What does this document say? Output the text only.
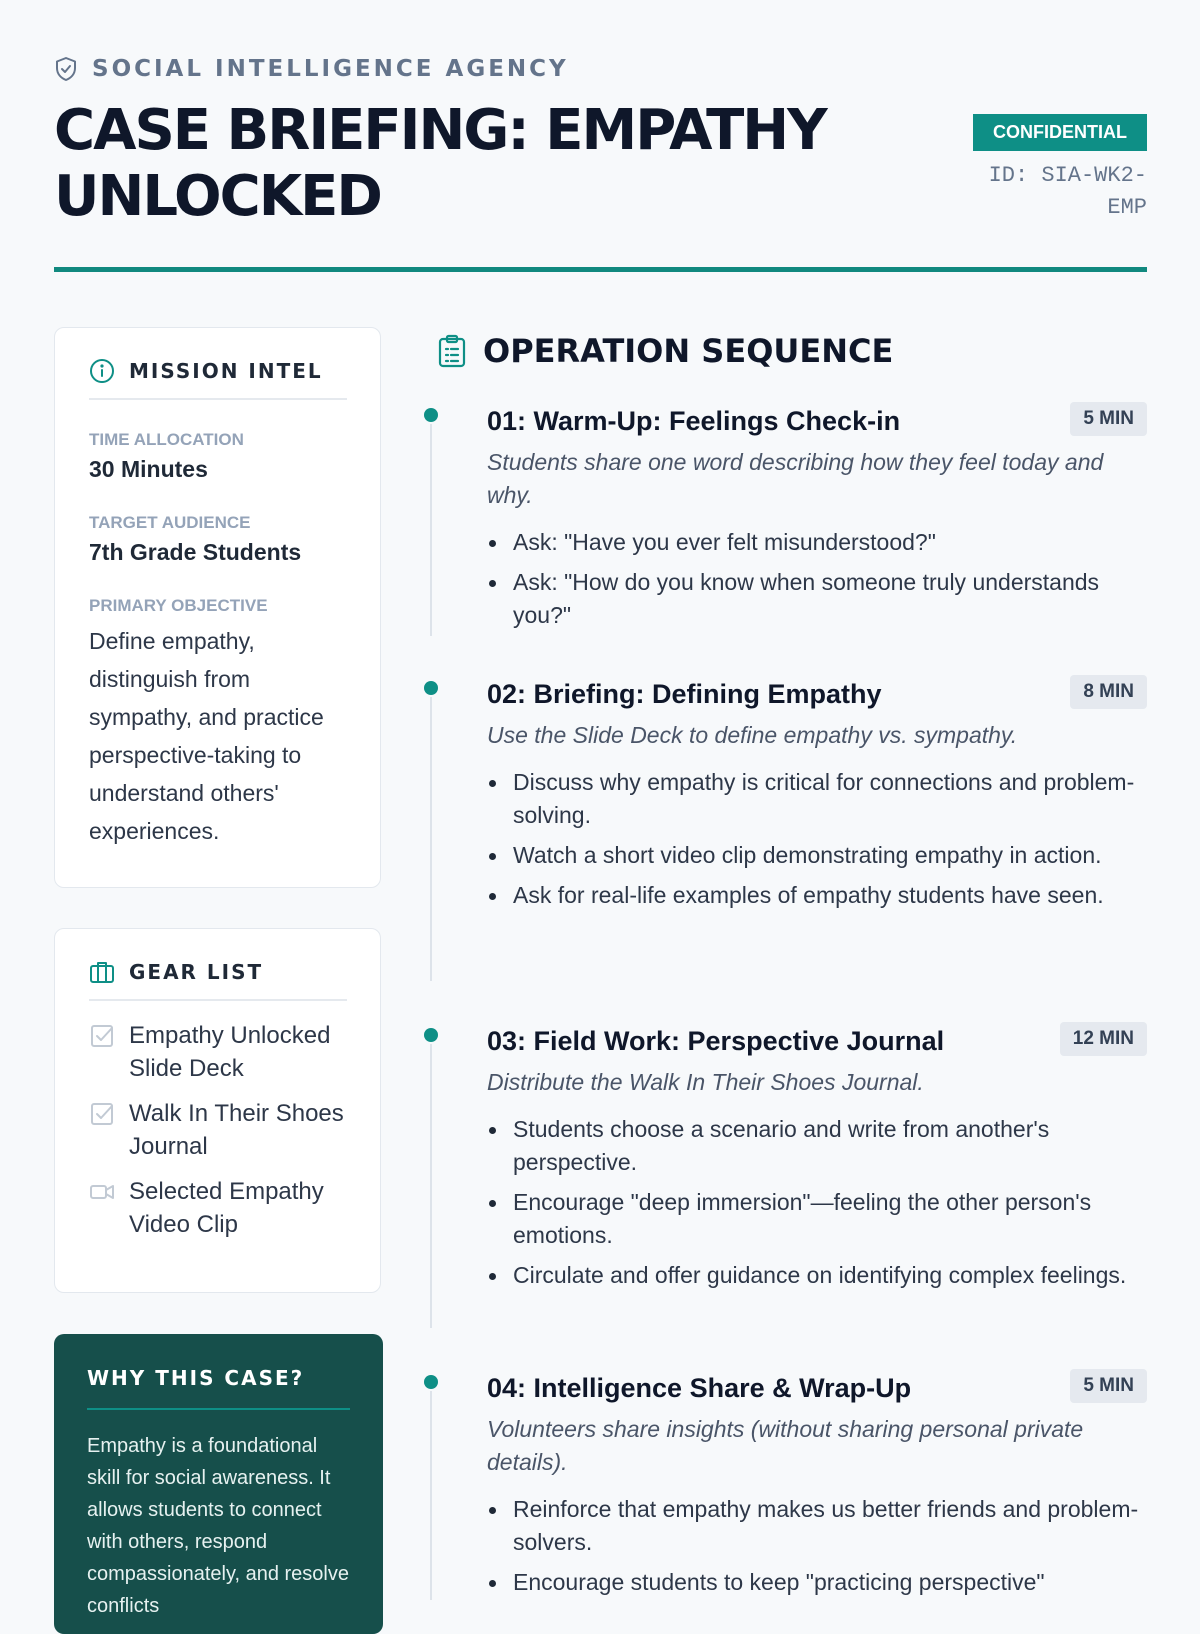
SOCIAL INTELLIGENCE AGENCY
CASE BRIEFING: EMPATHY UNLOCKED
CONFIDENTIAL
ID: SIA-WK2-EMP
MISSION INTEL
TIME ALLOCATION
30 Minutes
TARGET AUDIENCE
7th Grade Students
PRIMARY OBJECTIVE
Define empathy, distinguish from sympathy, and practice perspective-taking to understand others' experiences.
GEAR LIST
Empathy Unlocked Slide Deck
Walk In Their Shoes Journal
Selected Empathy Video Clip
WHY THIS CASE?
Empathy is a foundational skill for social awareness. It allows students to connect with others, respond compassionately, and resolve conflicts
OPERATION SEQUENCE
01: Warm-Up: Feelings Check-in	5 MIN
Students share one word describing how they feel today and why.
Ask: "Have you ever felt misunderstood?"
Ask: "How do you know when someone truly understands you?"
02: Briefing: Defining Empathy	8 MIN
Use the Slide Deck to define empathy vs. sympathy.
Discuss why empathy is critical for connections and problem-solving.
Watch a short video clip demonstrating empathy in action.
Ask for real-life examples of empathy students have seen.
03: Field Work: Perspective Journal	12 MIN
Distribute the Walk In Their Shoes Journal.
Students choose a scenario and write from another's perspective.
Encourage "deep immersion"—feeling the other person's emotions.
Circulate and offer guidance on identifying complex feelings.
04: Intelligence Share & Wrap-Up	5 MIN
Volunteers share insights (without sharing personal private details).
Reinforce that empathy makes us better friends and problem-solvers.
Encourage students to keep "practicing perspective"
